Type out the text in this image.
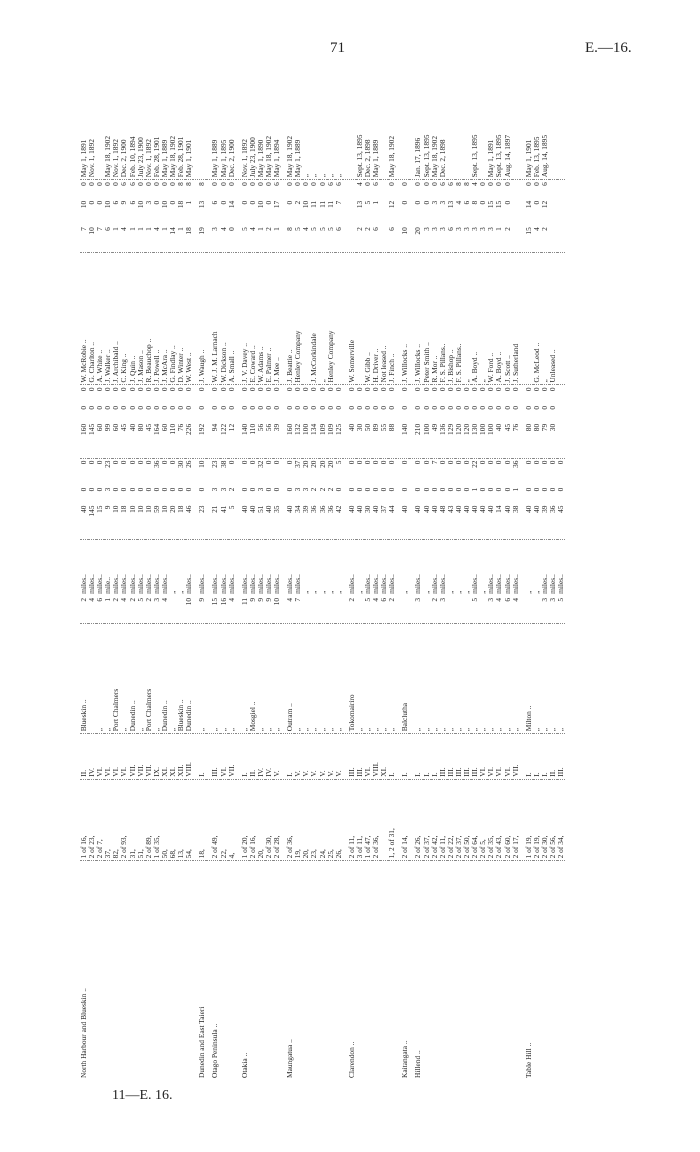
71	E.—16.
North Harbour and Blueskin ..	1 of 16,	II.	Blueskin ..	2	miles..	40	0	0	160	0	0	W. McRobie ..	7	10	0	May 1, 1891
	2 of 23,	IV.		4	miles..	145	0	0	145	0	0	G. Charlton ..	10	0	0	Nov. 1, 1892
	2 of 7,	VI.	„	6	miles..	15	0	0	60	0	0	A. White ..	7	0	0	
	37,	VI.	„	1	mile..	9	3	23	99	0	0	J. Walker ..	6	10	0	May 18, 1902
	82,	VI.	Port Chalmers	2	miles..	10	0	0	60	0	0	J. Archibald ..	1	6	0	Nov. 1, 1892
	2 of 93,	VI.	„	4	miles..	18	0	0	45	0	0	C. King ..	4	9	6	Dec. 2, 1900
	31,	VII.	Dunedin ..	2	miles..	10	0	0	40	0	0	J. Quin ..	1	6	6	Feb. 10, 1894
	51,	VII.	„	5	miles..	10	0	0	80	0	0	J. Mason ..	1	10	0	July 23, 1900
	2 of 89,	VII.	Port Chalmers	2	miles..	10	0	0	45	0	0	R. Beauchop ..	1	3	0	Nov. 1, 1892
	1 of 35,	IX.	„	3	miles..	59	0	36	164	0	0	J. Powell ..	4	0	0	Feb. 28, 1901
	50,	XI.	Dunedin ..	4	miles..	10	0	0	60	0	0	J. McAra ..	1	10	0	May 1, 1889
	68,	XI.	„		„	20	0	0	110	0	0	G. Findlay ..	14	0	0	May 18, 1902
	13,	XII.	Blueskin ..		„	18	0	30	76	0	0	D. Winter ..	1	18	8	Feb. 28, 1901
	54,	VIII.	Dunedin ..	10	miles..	46	0	26	226	0	0	W. West ..	18	1	8	May 1, 1901
Dunedin and East Taieri	18,	I.	„	9	miles..	23	0	10	192	0	0	J. Waugh ..	19	13	8	
Otago Peninsula ..	2 of 49,	III.	„	15	miles..	21	3	23	94	0	0	W. J. M. Larnach	3	6	0	May 1, 1889
	22,	VI.	„	16	miles..	41	3	38	122	0	0	W. Dickson ..	4	0	0	May 1, 1895
	4,	VII.	„	4	miles..	5	2	0	12	0	0	A. Small ..	0	14	0	Dec. 2, 1900
Otakia ..	1 of 20,	I.	„	11	miles..	40	0	0	140	0	0	J. V. Davey ..	5	0	0	Nov. 1, 1892
	2 of 16,	II.	Mosgiel ..	9	miles..	40	0	0	110	0	0	E. Coward ..	4	0	0	July 23, 1900
	20,	IV.	„	9	miles..	51	3	32	56	0	0	W. Adams ..	1	10	0	May 1, 1890
	2 of 30,	IV.	„	9	miles..	40	0	0	56	0	0	E. Palmer ..	2	0	0	May 18, 1902
	2 of 28,	V.	„	10	miles..	35	0	0	39	0	0	J. Mee ..	1	17	6	May 1, 1894
Maungatua ..	2 of 36,	I.	Outram ..	4	miles..	40	0	0	160	0	0	J. Beattie ..	8	0	0	May 18, 1902
	19,	V.	„	7	miles..	34	3	37	132	0	0	Henley Company	5	2	0	May 1, 1889
	20,	V.	„		„	39	3	20	100	0	0		4	10	0	„
	23,	V.	„		„	36	2	20	134	0	0	J. McCorkindale	5	11	0	„
	24,	V.	„		„	36	2	20	109	0	0	„	5	11	0	„
	25,	V.	„		„	36	2	20	109	0	0	Henley Company	5	11	6	„
	26,	V.	„		„	42	0	5	125	0	0		6	7	6	„
Clarendon ..	2 of 11,	III.	Tokomairiro	2	miles..	40	0	0	40	0	0	W. Somerville				
	3 of 11,	III.	„		„	40	0	0	30	0	0		2	13	4	Sept. 13, 1895
	1 of 47,	VI.	„	5	miles..	30	0	0	50	0	0	W. Gibb ..	2	5	0	Dec. 2, 1898
	2 of 36,	VIII.	„	4	miles..	40	0	0	89	0	0	H. Driver ..	6	1	6	May 1, 1889
		XI.	„	6	miles..	37	0	0	55	0	0	Not leased ..				
	1, 2 of 31,	I.	„	2	miles..	44	0	0	88	0	0	J. Finch ..	6	12	0	May 18, 1902
Kaitangata ..	2 of 14,	I.	Balclutha		„	40	0	0	140	0	0	J. Willocks ..	10	0	0	
Hillend ..	2 of 26,	I.	„	3	miles..	40	0	0	210	0	0	J. Willocks ..	20	0	0	Jan. 17, 1896
	2 of 37,	I.	„		„	40	0	0	100	0	0	Peter Smith ..	3	0	0	Sept. 13, 1895
	2 of 42,	I.	„	2	miles..	40	0	7	49	0	0	R. Mor ..	3	3	0	May 18, 1902
	2 of 11,	III.	„	3	miles..	48	0	0	136	0	0	F. S. Pillans..	3	3	6	Dec. 2, 1898
	2 of 22,	III.	„		„	43	0	0	129	0	0	J. Bishop ..	6	13	6	
	2 of 37,	III.	„		„	40	0	0	120	0	0	F. S. Pillans..	3	4	8	
	2 of 50,	III.	„		„	40	0	0	120	0	0	„	3	6	8	
	2 of 64,	III.	„	5	miles..	40	1	22	130	0	0	A. Boyd ..	3	8	4	Sept. 13, 1895
	2 of 5,	VI.	„		„	40	0	0	100	0	0	„	3	0	0	
	2 of 35,	VI.	„	3	miles..	40	0	0	100	0	0	W. Ford ..	3	15	0	May 1, 1891
	2 of 43,	VI.	„	4	miles..	14	0	0	40	0	0	A. Boyd ..	1	15	0	Sept. 13, 1895
	2 of 60,	VI.	„	6	miles..	40	0	0	45	0	0	J. Scott ..	2	0	0	Aug. 14, 1897
	2 of 17,	VII.	„	4	miles..	38	1	36	76	0	0	J. Sutherland				
Table Hill ..	1 of 19,	I.	Milton ..		„	40	0	0	80	0	0		15	14	0	May 1, 1901
	2 of 19,	I.	„		„	40	0	0	80	0	0	G. McLeod ..	4	0	0	Feb. 13, 1895
	2 of 30,	I.	„	3	miles..	39	0	0	79	0	0	„	2	12	6	Aug. 14, 1895
	2 of 56,	II.	„	3	miles..	36	0	0	30	0	0	Unleased ..				
	2 of 34,	III.	„	5	miles..	45	0	0								
11—E. 16.
